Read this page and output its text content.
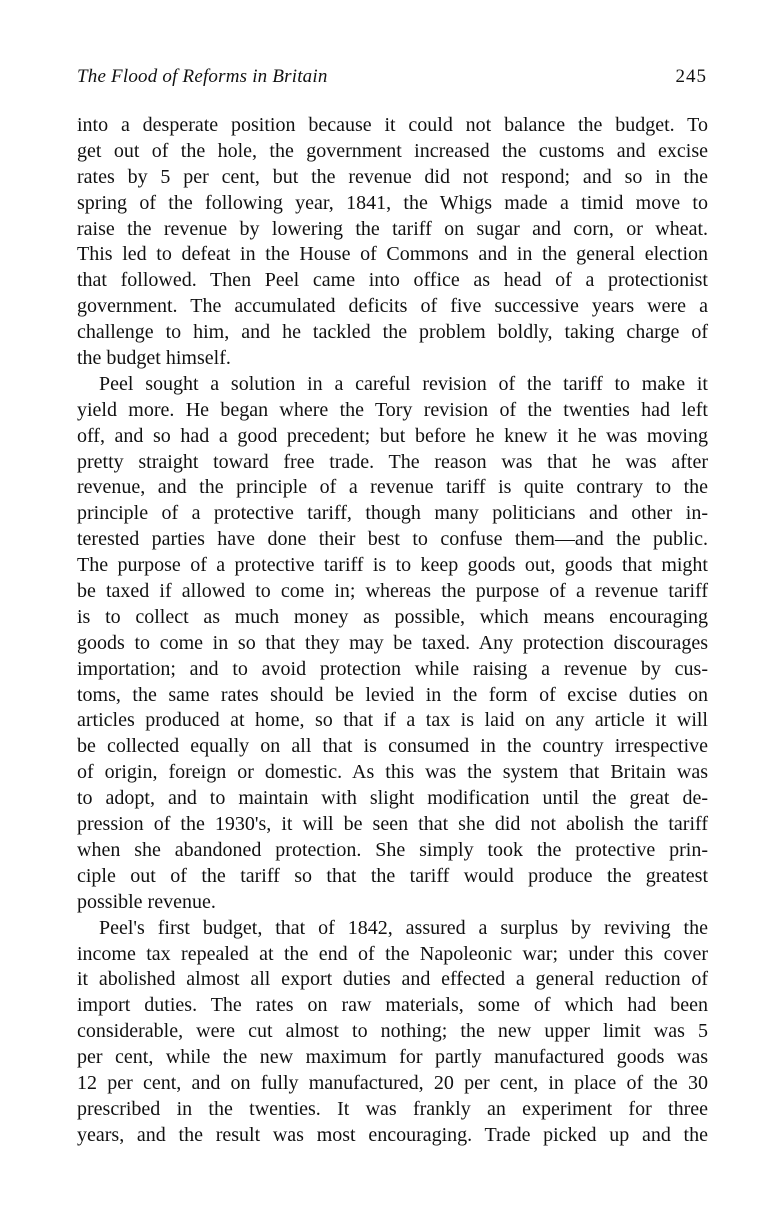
The Flood of Reforms in Britain	245
into a desperate position because it could not balance the budget. To
get out of the hole, the government increased the customs and excise
rates by 5 per cent, but the revenue did not respond; and so in the
spring of the following year, 1841, the Whigs made a timid move to
raise the revenue by lowering the tariff on sugar and corn, or wheat.
This led to defeat in the House of Commons and in the general election
that followed. Then Peel came into office as head of a protectionist
government. The accumulated deficits of five successive years were a
challenge to him, and he tackled the problem boldly, taking charge of
the budget himself.
Peel sought a solution in a careful revision of the tariff to make it
yield more. He began where the Tory revision of the twenties had left
off, and so had a good precedent; but before he knew it he was moving
pretty straight toward free trade. The reason was that he was after
revenue, and the principle of a revenue tariff is quite contrary to the
principle of a protective tariff, though many politicians and other in-
terested parties have done their best to confuse them—and the public.
The purpose of a protective tariff is to keep goods out, goods that might
be taxed if allowed to come in; whereas the purpose of a revenue tariff
is to collect as much money as possible, which means encouraging
goods to come in so that they may be taxed. Any protection discourages
importation; and to avoid protection while raising a revenue by cus-
toms, the same rates should be levied in the form of excise duties on
articles produced at home, so that if a tax is laid on any article it will
be collected equally on all that is consumed in the country irrespective
of origin, foreign or domestic. As this was the system that Britain was
to adopt, and to maintain with slight modification until the great de-
pression of the 1930's, it will be seen that she did not abolish the tariff
when she abandoned protection. She simply took the protective prin-
ciple out of the tariff so that the tariff would produce the greatest
possible revenue.
Peel's first budget, that of 1842, assured a surplus by reviving the
income tax repealed at the end of the Napoleonic war; under this cover
it abolished almost all export duties and effected a general reduction of
import duties. The rates on raw materials, some of which had been
considerable, were cut almost to nothing; the new upper limit was 5
per cent, while the new maximum for partly manufactured goods was
12 per cent, and on fully manufactured, 20 per cent, in place of the 30
prescribed in the twenties. It was frankly an experiment for three
years, and the result was most encouraging. Trade picked up and the
